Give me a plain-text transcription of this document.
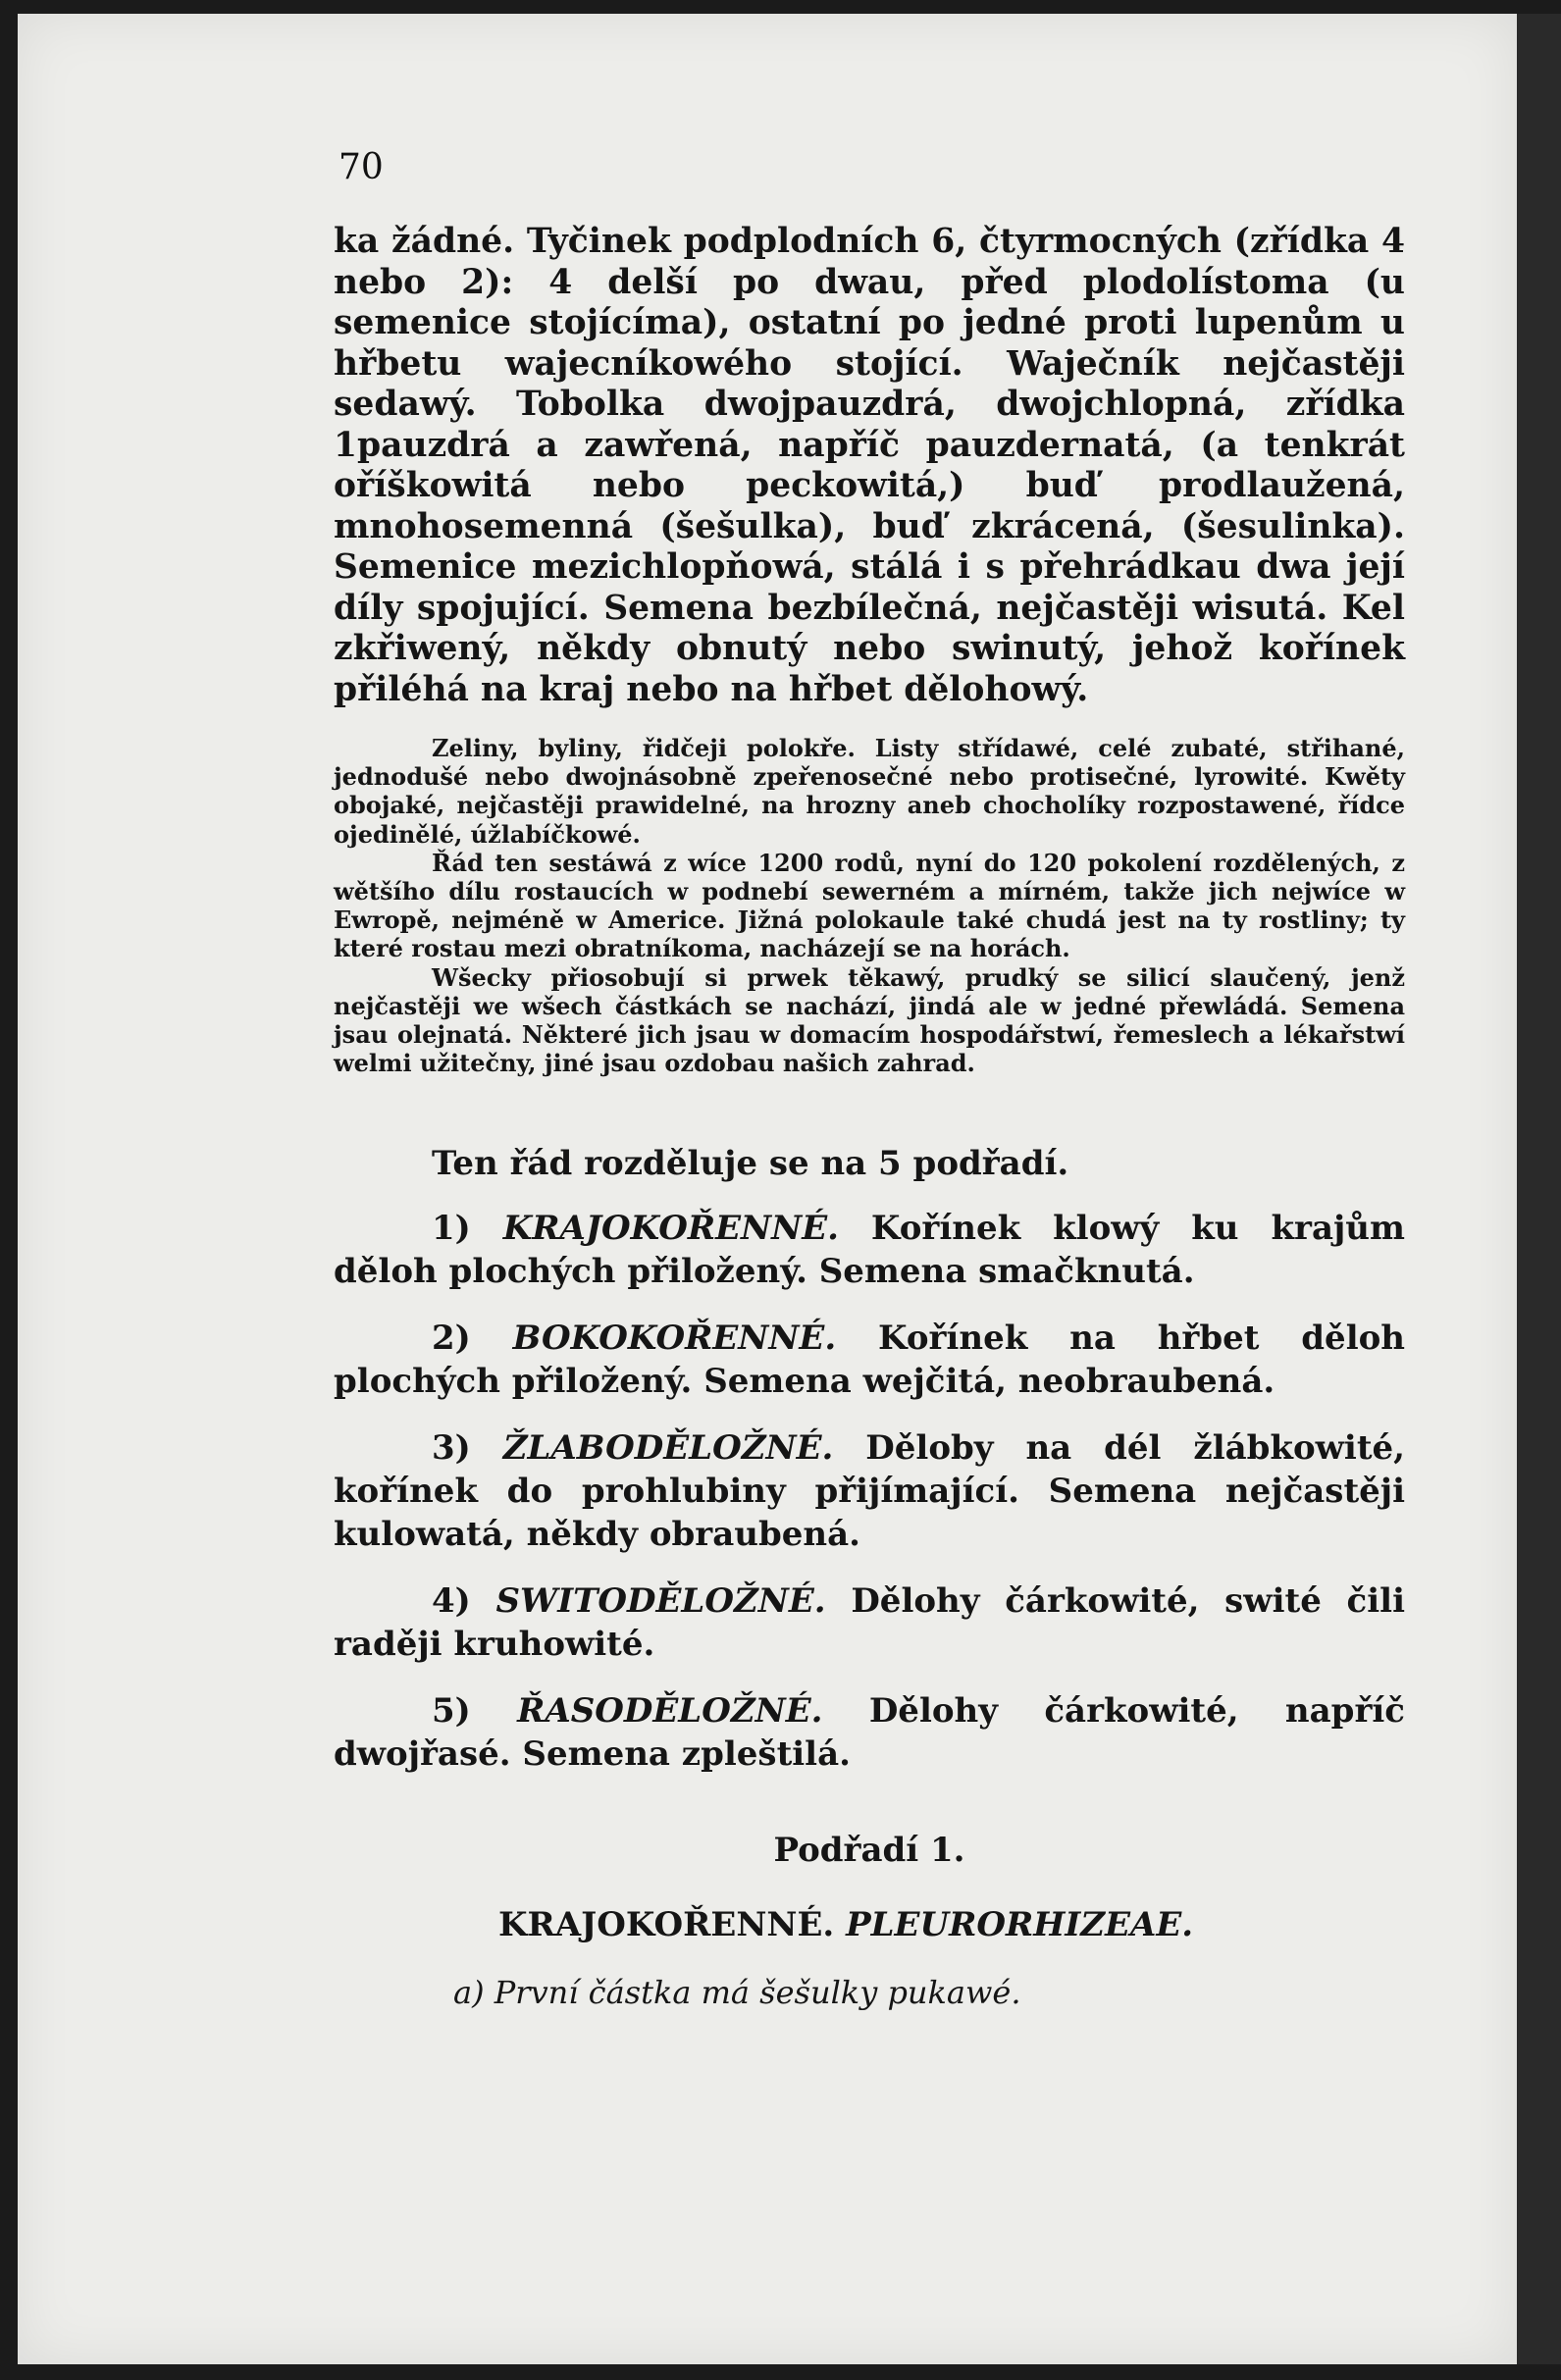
70

ka žádné. Tyčinek podplodních 6, čtyrmocných (zřídka 4 nebo 2): 4 delší po dwau, před plodolístoma (u semenice stojícíma), ostatní po jedné proti lupenům u hřbetu wajecníkowého stojící. Waječník nejčastěji sedawý. Tobolka dwojpauzdrá, dwojchlopná, zřídka 1pauzdrá a zawřená, napříč pauzdernatá, (a tenkrát oříškowitá nebo peckowitá,) buď prodlaužená, mnohosemenná (šešulka), buď zkrácená, (šesulinka). Semenice mezichlopňowá, stálá i s přehrádkau dwa její díly spojující. Semena bezbílečná, nejčastěji wisutá. Kel zkřiwený, někdy obnutý nebo swinutý, jehož kořínek přiléhá na kraj nebo na hřbet dělohowý.

Zeliny, byliny, řidčeji polokře. Listy střídawé, celé zubaté, střihané, jednodušé nebo dwojnásobně zpeřenosečné nebo protisečné, lyrowité. Kwěty obojaké, nejčastěji prawidelné, na hrozny aneb chocholíky rozpostawené, řídce ojedinělé, úžlabíčkowé.

Řád ten sestáwá z wíce 1200 rodů, nyní do 120 pokolení rozdělených, z wětšího dílu rostaucích w podnebí sewerném a mírném, takže jich nejwíce w Ewropě, nejméně w Americe. Jižná polokaule také chudá jest na ty rostliny; ty které rostau mezi obratníkoma, nacházejí se na horách.

Wšecky přiosobují si prwek těkawý, prudký se silicí slaučený, jenž nejčastěji we wšech částkách se nachází, jindá ale w jedné přewládá. Semena jsau olejnatá. Některé jich jsau w domacím hospodářstwí, řemeslech a lékařstwí welmi užitečny, jiné jsau ozdobau našich zahrad.

Ten řád rozděluje se na 5 podřadí.

1) KRAJOKOŘENNÉ. Kořínek klowý ku krajům děloh plochých přiložený. Semena smačknutá.

2) BOKOKOŘENNÉ. Kořínek na hřbet děloh plochých přiložený. Semena wejčitá, neobraubená.

3) ŽLABODĚLOŽNÉ. Děloby na dél žlábkowité, kořínek do prohlubiny přijímající. Semena nejčastěji kulowatá, někdy obraubená.

4) SWITODĚLOŽNÉ. Dělohy čárkowité, swité čili raději kruhowité.

5) ŘASODĚLOŽNÉ. Dělohy čárkowité, napříč dwojřasé. Semena zpleštilá.

Podřadí 1.

KRAJOKOŘENNÉ. PLEURORHIZEAE.

a) První částka má šešulky pukawé.
